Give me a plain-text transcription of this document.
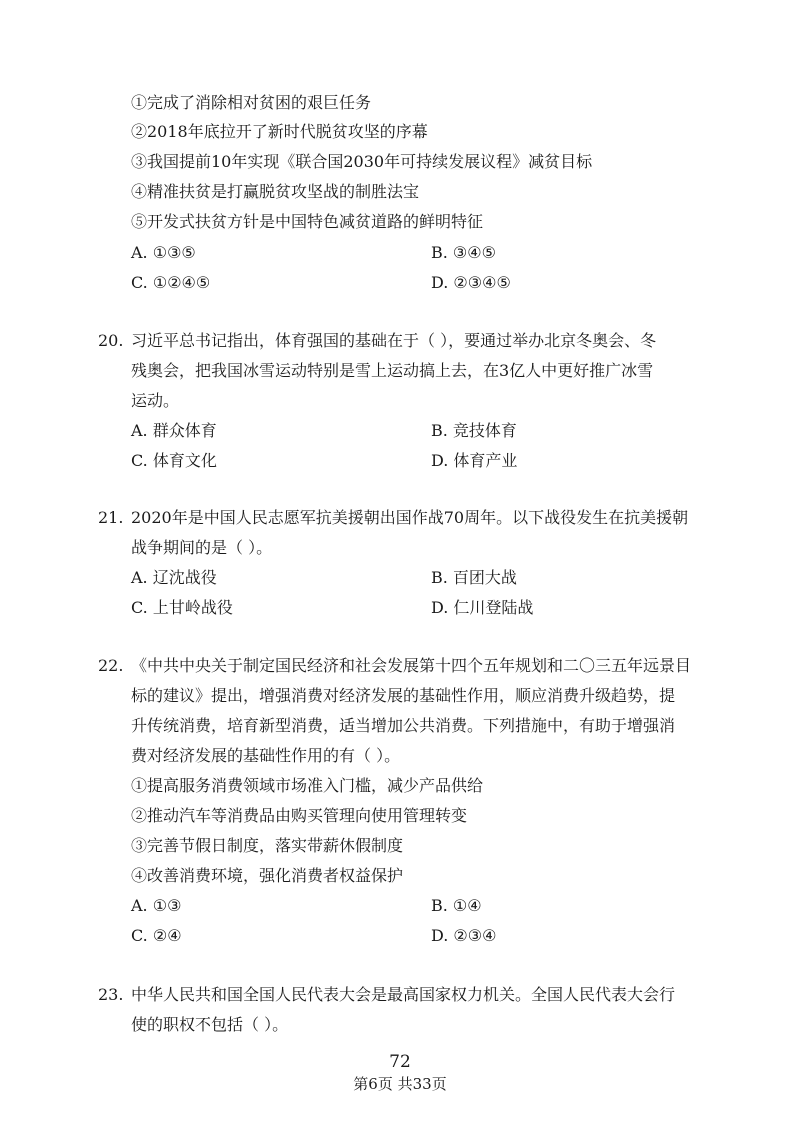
①完成了消除相对贫困的艰巨任务
②2018年底拉开了新时代脱贫攻坚的序幕
③我国提前10年实现《联合国2030年可持续发展议程》减贫目标
④精准扶贫是打赢脱贫攻坚战的制胜法宝
⑤开发式扶贫方针是中国特色减贫道路的鲜明特征
A. ①③⑤	B. ③④⑤
C. ①②④⑤	D. ②③④⑤
20. 习近平总书记指出，体育强国的基础在于（ ），要通过举办北京冬奥会、冬
残奥会，把我国冰雪运动特别是雪上运动搞上去，在3亿人中更好推广冰雪
运动。
A. 群众体育	B. 竞技体育
C. 体育文化	D. 体育产业
21. 2020年是中国人民志愿军抗美援朝出国作战70周年。以下战役发生在抗美援朝
战争期间的是（ ）。
A. 辽沈战役	B. 百团大战
C. 上甘岭战役	D. 仁川登陆战
22. 《中共中央关于制定国民经济和社会发展第十四个五年规划和二〇三五年远景目
标的建议》提出，增强消费对经济发展的基础性作用，顺应消费升级趋势，提
升传统消费，培育新型消费，适当增加公共消费。下列措施中，有助于增强消
费对经济发展的基础性作用的有（ ）。
①提高服务消费领域市场准入门槛，减少产品供给
②推动汽车等消费品由购买管理向使用管理转变
③完善节假日制度，落实带薪休假制度
④改善消费环境，强化消费者权益保护
A. ①③	B. ①④
C. ②④	D. ②③④
23. 中华人民共和国全国人民代表大会是最高国家权力机关。全国人民代表大会行
使的职权不包括（ ）。
72
第6页 共33页
